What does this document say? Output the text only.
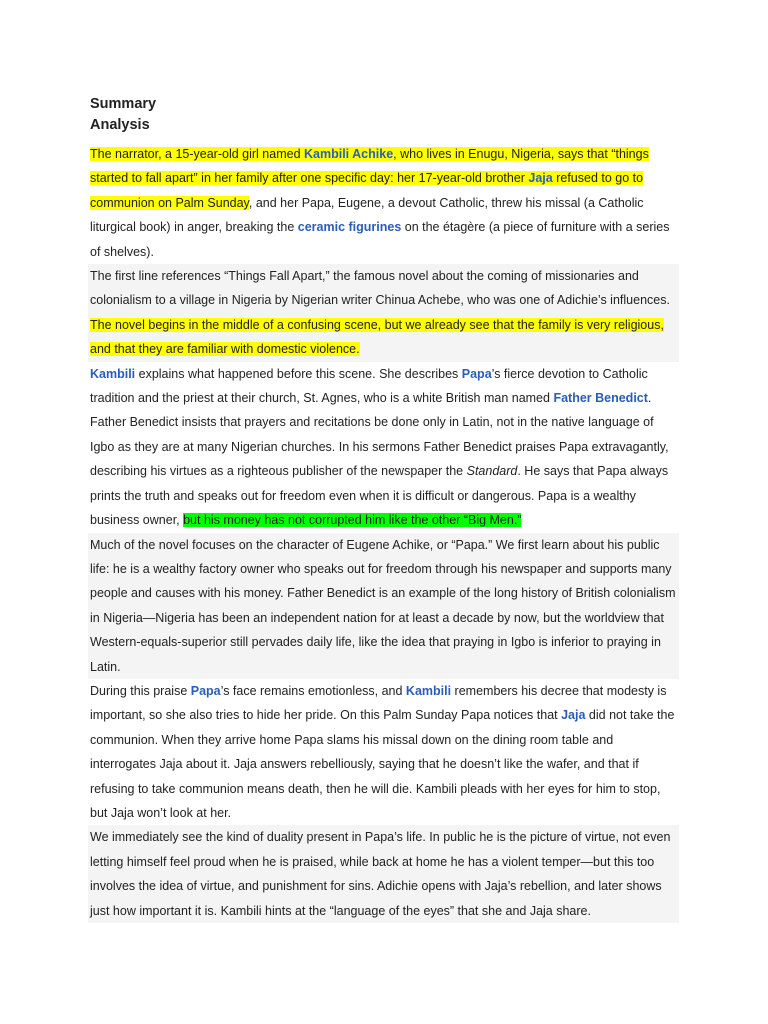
Summary
Analysis

The narrator, a 15-year-old girl named Kambili Achike, who lives in Enugu, Nigeria, says that “things started to fall apart” in her family after one specific day: her 17-year-old brother Jaja refused to go to communion on Palm Sunday, and her Papa, Eugene, a devout Catholic, threw his missal (a Catholic liturgical book) in anger, breaking the ceramic figurines on the étagère (a piece of furniture with a series of shelves).

The first line references “Things Fall Apart,” the famous novel about the coming of missionaries and colonialism to a village in Nigeria by Nigerian writer Chinua Achebe, who was one of Adichie’s influences. The novel begins in the middle of a confusing scene, but we already see that the family is very religious, and that they are familiar with domestic violence.

Kambili explains what happened before this scene. She describes Papa’s fierce devotion to Catholic tradition and the priest at their church, St. Agnes, who is a white British man named Father Benedict. Father Benedict insists that prayers and recitations be done only in Latin, not in the native language of Igbo as they are at many Nigerian churches. In his sermons Father Benedict praises Papa extravagantly, describing his virtues as a righteous publisher of the newspaper the Standard. He says that Papa always prints the truth and speaks out for freedom even when it is difficult or dangerous. Papa is a wealthy business owner, but his money has not corrupted him like the other “Big Men.”

Much of the novel focuses on the character of Eugene Achike, or “Papa.” We first learn about his public life: he is a wealthy factory owner who speaks out for freedom through his newspaper and supports many people and causes with his money. Father Benedict is an example of the long history of British colonialism in Nigeria—Nigeria has been an independent nation for at least a decade by now, but the worldview that Western-equals-superior still pervades daily life, like the idea that praying in Igbo is inferior to praying in Latin.

During this praise Papa’s face remains emotionless, and Kambili remembers his decree that modesty is important, so she also tries to hide her pride. On this Palm Sunday Papa notices that Jaja did not take the communion. When they arrive home Papa slams his missal down on the dining room table and interrogates Jaja about it. Jaja answers rebelliously, saying that he doesn’t like the wafer, and that if refusing to take communion means death, then he will die. Kambili pleads with her eyes for him to stop, but Jaja won’t look at her.

We immediately see the kind of duality present in Papa’s life. In public he is the picture of virtue, not even letting himself feel proud when he is praised, while back at home he has a violent temper—but this too involves the idea of virtue, and punishment for sins. Adichie opens with Jaja’s rebellion, and later shows just how important it is. Kambili hints at the “language of the eyes” that she and Jaja share.
